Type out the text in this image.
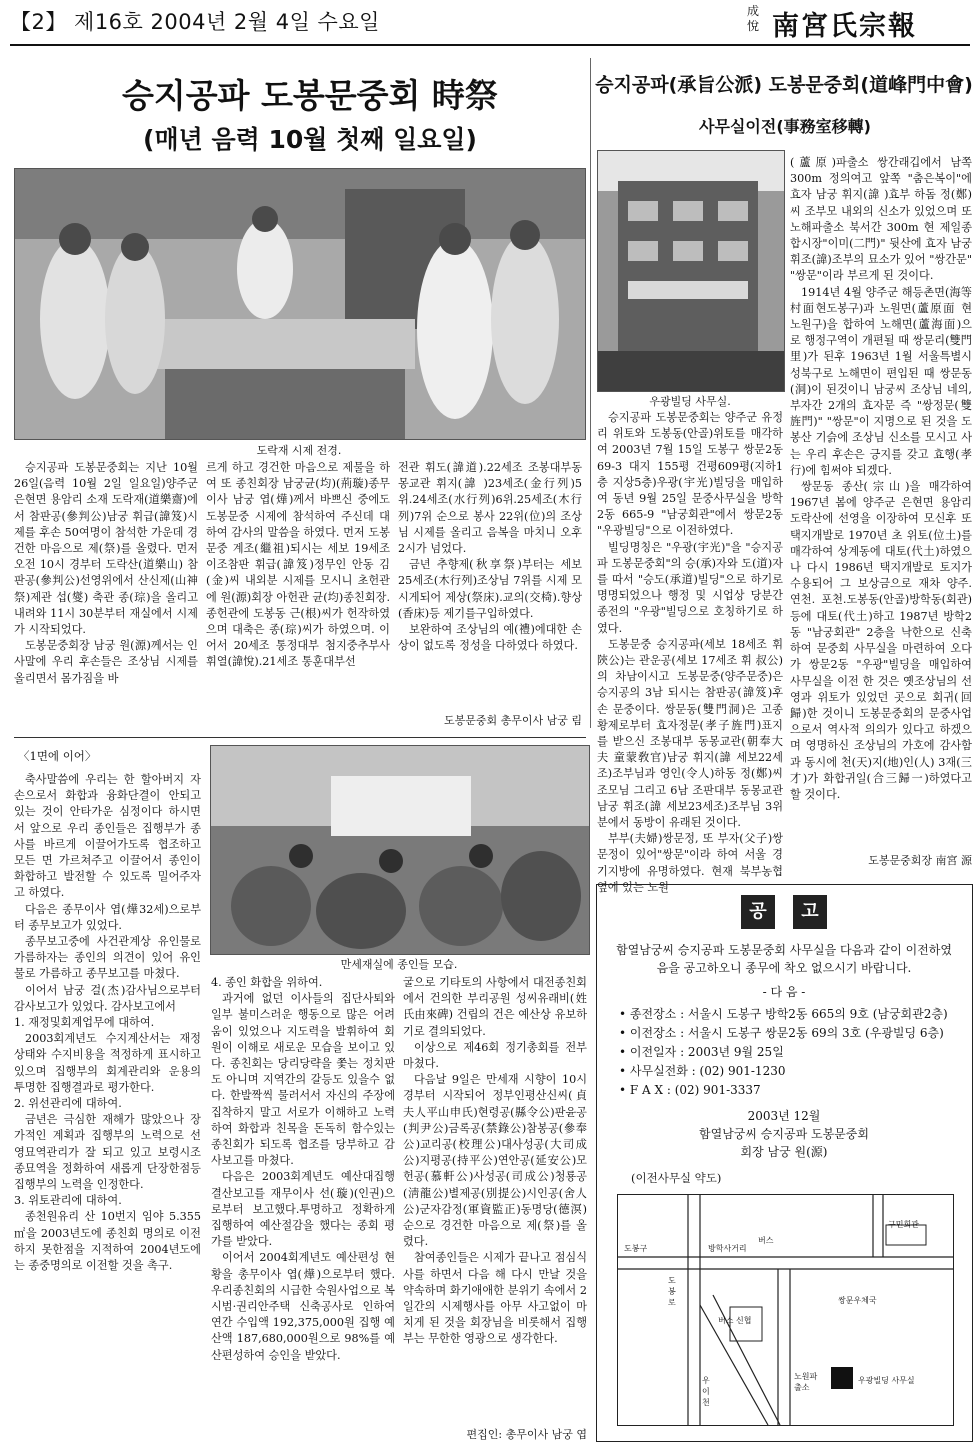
【2】 제16호 2004년 2월 4일 수요일	成悅 南宮氏宗報
승지공파 도봉문중회 時祭
(매년 음력 10월 첫째 일요일)
도락재 시제 전경.

승지공파 도봉문중회는 지난 10월 26일(음력 10월 2일 일요일)양주군 은현면 용암리 소재 도락재(道樂齋)에서 참판공(參判公)남궁 휘급(諱笈)시제를 후손 50여명이 참석한 가운데 경건한 마음으로 제(祭)를 올렸다. 먼저 오전 10시 경부터 도락산(道樂山) 참판공(參判公)선영위에서 산신제(山神祭)제관 섭(燮) 축관 종(琮)을 올리고 내려와 11시 30분부터 재실에서 시제가 시작되었다.

도봉문중회장 남궁 원(源)께서는 인사말에 우리 후손들은 조상님 시제를 올리면서 몸가짐을 바

르게 하고 경건한 마음으로 제물을 하여 또 종친회장 남궁균(均)(荊璇)종무이사 남궁 엽(燁)께서 바쁘신 중에도 도봉문중 시제에 참석하여 주신데 대하여 감사의 말씀을 하였다. 먼저 도봉문중 계조(繼祖)되시는 세보 19세조 이조참판 휘급(諱笈)정무인 안동 김(金)씨 내외분 시제를 모시니 초헌관에 원(源)회장 아헌관 균(均)종친회장.종헌관에 도봉동 근(根)씨가 헌작하였으며 대축은 종(琮)씨가 하였으며. 이어서 20세조 통정대부 첨지중추부사 휘열(諱悅).21세조 통훈대부선

전관 휘도(諱道).22세조 조봉대부동몽교관 휘지(諱 )23세조(金行列)5위.24세조(水行列)6위.25세조(木行列)7위 순으로 봉사 22위(位)의 조상님 시제를 올리고 음복을 마치니 오후 2시가 넘었다.

금년 추향제(秋享祭)부터는 세보 25세조(木行列)조상님 7위를 시제 모시게되어 제상(祭床).교의(交椅).향상(香床)등 제기를구입하였다.

보완하여 조상님의 예(禮)에대한 손상이 없도록 정성을 다하였다 하였다.

도봉문중회 총무이사 남궁 림
승지공파(承旨公派) 도봉문중회(道峰門中會)
사무실이전(事務室移轉)
우광빌딩 사무실.

승지공파 도봉문중회는 양주군 유정리 위토와 도봉동(안골)위토를 매각하여 2003년 7월 15일 도봉구 쌍문2동 69-3 대지 155평 건평609평(지하1층 지상5층)우광(宇光)빌딩을 매입하여 동년 9월 25일 문중사무실을 방학2동 665-9 "남궁회관"에서 쌍문2동 "우광빌딩"으로 이전하였다.

빌딩명칭은 "우광(宇光)"을 "승지공파 도봉문중회"의 승(承)자와 도(道)자를 따서 "승도(承道)빌딩"으로 하기로 명명되었으나 행정 및 시업상 당분간 종전의 "우광"빌딩으로 호칭하기로 하였다.

도봉문중 승지공파(세보 18세조 휘 陝公)는 관운공(세보 17세조 휘 叔公)의 차남이시고 도봉문중(양주문중)은 승지공의 3남 되시는 참판공(諱笈)후손 문중이다. 쌍문동(雙門洞)은 고종황제로부터 효자정문(孝子旌門)표지를 받으신 조봉대부 동몽교관(朝奉大夫 童蒙敎官)남궁 휘지(諱 세보22세조)조부님과 영인(令人)하동 정(鄭)씨 조모님 그리고 6남 조판대부 동몽교관 남궁 휘조(諱 세보23세조)조부님 3위분에서 동방이 유래된 것이다.

부부(夫婦)쌍문정, 또 부자(父子)쌍문정이 있어"쌍문"이라 하여 서울 경기지방에 유명하였다. 현재 북부농협 옆에 있는 노원

(蘆原)파출소 쌍간래깁에서 남쪽 300m 정의여고 앞쪽 "춤은복이"에 효자 남궁 휘지(諱 )효부 하돔 정(鄭)씨 조부모 내외의 신소가 있었으며 또 노해파출소 북서간 300m 현 제일종합시장"이미(二門)" 뒷산에 효자 남궁 휘조(諱)조부의 묘소가 있어 "쌍간문" "쌍문"이라 부르게 된 것이다.

1914년 4월 양주군 해등촌면(海等村面현도봉구)과 노원면(蘆原面 현 노원구)을 합하여 노해면(蘆海面)으로 행정구역이 개편될 때 쌍문리(雙門里)가 된후 1963년 1월 서울특별시 성북구로 노해면이 편입된 때 쌍문동(洞)이 된것이니 남궁씨 조상님 네의, 부자간 2개의 효자문 즉 "쌍정문(雙旌門)" "쌍문"이 지명으로 된 것을 도봉산 기슭에 조상님 신소를 모시고 사는 우리 후손은 긍지를 갖고 효행(孝行)에 힘써야 되겠다.

쌍문동 종산(宗山)을 매각하여 1967년 봄에 양주군 은현면 용암리 도락산에 선영을 이장하여 모신후 또 택지개발로 1970년 초 위토(位土)를 매각하여 상계동에 대토(代土)하였으나 다시 1986년 택지개발로 토지가 수용되어 그 보상금으로 재차 양주. 연천. 포천.도봉동(안골)방학동(회관)등에 대토(代土)하고 1987년 방학2동 "남궁회관" 2층을 낙한으로 신축하여 문중회 사무실을 마련하여 오다가 쌍문2동 "우광"빌딩을 매입하여 사무실을 이전 한 것은 옛조상님의 선영과 위토가 있었던 곳으로 회귀(回歸)한 것이니 도봉문중회의 문중사업으로서 역사적 의의가 있다고 하겠으며 영명하신 조상님의 가호에 감사함과 동시에 천(天)지(地)인(人) 3재(三才)가 화합귀일(合三歸一)하였다고 할 것이다.

도봉문중회장 南宮 源
〈1면에 이어〉
만세재실에 종인들 모습.

축사말씀에 우리는 한 할아버지 자손으로서 화합과 융화단결이 안되고 있는 것이 안타가운 심정이다 하시면서 앞으로 우리 종인들은 집행부가 종사를 바르게 이끌어가도록 협조하고 모든 면 가르쳐주고 이끌어서 종인이 화합하고 발전할 수 있도록 밀어주자고 하였다.

다음은 종무이사 엽(燁32세)으로부터 종무보고가 있었다.

종무보고중에 사건관계상 유인물로 가름하자는 종인의 의견이 있어 유인물로 가름하고 종무보고를 마쳤다.

이어서 남궁 걸(杰)감사님으로부터 감사보고가 있었다. 감사보고에서

1. 재정및회계업무에 대하여.

2003회계년도 수지계산서는 재정상태와 수지비용을 적정하게 표시하고 있으며 집행부의 회계관리와 운용의 투명한 집행결과로 평가한다.

2. 위선관리에 대하여.

금년은 극심한 재해가 많았으나 장가적인 계획과 집행부의 노력으로 선영묘역관리가 잘 되고 있고 보령시조종묘역을 정화하여 새롭게 단장한점등 집행부의 노력을 인정한다.

3. 위토관리에 대하여.

종천원유리 산 10번지 임야 5.355㎡을 2003년도에 종친회 명의로 이전하지 못한점을 지적하여 2004년도에는 종중명의로 이전할 것을 촉구.

4. 종인 화합을 위하여.

과거에 없던 이사들의 집단사퇴와 일부 불미스러운 행동으로 많은 어려움이 있었으나 지도력을 발휘하여 회원이 이해로 새로운 모습을 보이고 있다. 종친회는 당리당략을 쫓는 정치판도 아니며 지역간의 갈등도 있을수 없다. 한발짝씩 물러서서 자신의 주장에 집착하지 말고 서로가 이해하고 노력하여 화합과 친목을 돈독히 함수있는 종친회가 되도록 협조를 당부하고 감사보고를 마쳤다.

다음은 2003회계년도 예산대집행 결산보고를 재무이사 선(璇)(인권)으로부터 보고했다.투명하고 정확하게 집행하여 예산절감을 했다는 종회 평가를 받았다.

이어서 2004회계년도 예산편성 현황을 총무이사 엽(燁)으로부터 했다. 우리종친회의 시급한 숙원사업으로 복시범·권리안주택 신축공사로 인하여 연간 수입액 192,375,000원 집행 예산액 187,680,000원으로 98%를 예산편성하여 승인을 받았다.

굴으로 기타토의 사항에서 대전종친회에서 건의한 부리공원 성씨유래비(姓氏由來碑) 건립의 건은 예산상 유보하기로 결의되었다.

이상으로 제46회 정기총회를 전부 마쳤다.

다음날 9일은 만세재 시향이 10시경부터 시작되어 정부인평산신씨(貞夫人平山申氏)현령공(縣令公)판윤공(判尹公)금록공(禁錄公)참봉공(參奉公)교리공(校理公)대사성공(大司成公)지평공(持平公)연안공(延安公)모헌공(慕軒公)사성공(司成公)청룡공(淸龍公)별제공(別提公)시인공(舍人公)군자감정(軍資監正)동명당(德溟)순으로 경건한 마음으로 제(祭)를 올렸다.

참여종인들은 시제가 끝나고 점심식사를 하면서 다음 해 다시 만날 것을 약속하며 화기애애한 분위기 속에서 2일간의 시제행사를 아무 사고없이 마치게 된 것을 회장님을 비롯해서 집행부는 무한한 영광으로 생각한다.

편집인: 총무이사 남궁 엽
공	고
함열남궁씨 승지공파 도봉문중회 사무실을 다음과 같이 이전하였음을 공고하오니 종무에 착오 없으시기 바랍니다.
- 다 음 -
• 종전장소 : 서울시 도봉구 방학2동 665의 9호 (남궁회관2층)
• 이전장소 : 서울시 도봉구 쌍문2동 69의 3호 (우광빌딩 6층)
• 이전일자 : 2003년 9월 25일
• 사무실전화 : (02) 901-1230
• F A X : (02) 901-3337
2003년 12월
함열남궁씨 승지공파 도봉문중회
회장 남궁 원(源)
(이전사무실 약도)
버스
구민회관
도봉구	방학사거리
쌍문우체국
우광빌딩 사무실
노원파출소
버스 신협
우이천
도봉로
